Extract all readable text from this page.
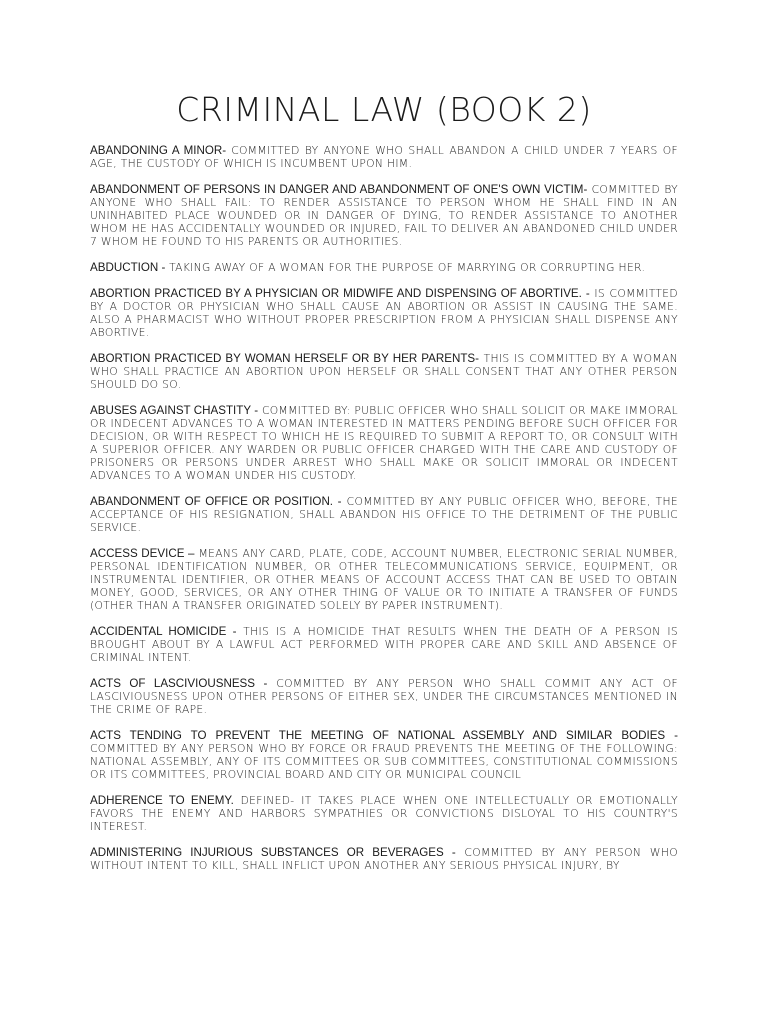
CRIMINAL LAW (BOOK 2)

ABANDONING A MINOR- COMMITTED BY ANYONE WHO SHALL ABANDON A CHILD UNDER 7 YEARS OF AGE, THE CUSTODY OF WHICH IS INCUMBENT UPON HIM.

ABANDONMENT OF PERSONS IN DANGER AND ABANDONMENT OF ONE'S OWN VICTIM- COMMITTED BY ANYONE WHO SHALL FAIL: TO RENDER ASSISTANCE TO PERSON WHOM HE SHALL FIND IN AN UNINHABITED PLACE WOUNDED OR IN DANGER OF DYING, TO RENDER ASSISTANCE TO ANOTHER WHOM HE HAS ACCIDENTALLY WOUNDED OR INJURED, FAIL TO DELIVER AN ABANDONED CHILD UNDER 7 WHOM HE FOUND TO HIS PARENTS OR AUTHORITIES.

ABDUCTION - TAKING AWAY OF A WOMAN FOR THE PURPOSE OF MARRYING OR CORRUPTING HER.

ABORTION PRACTICED BY A PHYSICIAN OR MIDWIFE AND DISPENSING OF ABORTIVE. - IS COMMITTED BY A DOCTOR OR PHYSICIAN WHO SHALL CAUSE AN ABORTION OR ASSIST IN CAUSING THE SAME. ALSO A PHARMACIST WHO WITHOUT PROPER PRESCRIPTION FROM A PHYSICIAN SHALL DISPENSE ANY ABORTIVE.

ABORTION PRACTICED BY WOMAN HERSELF OR BY HER PARENTS- THIS IS COMMITTED BY A WOMAN WHO SHALL PRACTICE AN ABORTION UPON HERSELF OR SHALL CONSENT THAT ANY OTHER PERSON SHOULD DO SO.

ABUSES AGAINST CHASTITY - COMMITTED BY: PUBLIC OFFICER WHO SHALL SOLICIT OR MAKE IMMORAL OR INDECENT ADVANCES TO A WOMAN INTERESTED IN MATTERS PENDING BEFORE SUCH OFFICER FOR DECISION, OR WITH RESPECT TO WHICH HE IS REQUIRED TO SUBMIT A REPORT TO, OR CONSULT WITH A SUPERIOR OFFICER. ANY WARDEN OR PUBLIC OFFICER CHARGED WITH THE CARE AND CUSTODY OF PRISONERS OR PERSONS UNDER ARREST WHO SHALL MAKE OR SOLICIT IMMORAL OR INDECENT ADVANCES TO A WOMAN UNDER HIS CUSTODY.

ABANDONMENT OF OFFICE OR POSITION. - COMMITTED BY ANY PUBLIC OFFICER WHO, BEFORE, THE ACCEPTANCE OF HIS RESIGNATION, SHALL ABANDON HIS OFFICE TO THE DETRIMENT OF THE PUBLIC SERVICE.

ACCESS DEVICE – MEANS ANY CARD, PLATE, CODE, ACCOUNT NUMBER, ELECTRONIC SERIAL NUMBER, PERSONAL IDENTIFICATION NUMBER, OR OTHER TELECOMMUNICATIONS SERVICE, EQUIPMENT, OR INSTRUMENTAL IDENTIFIER, OR OTHER MEANS OF ACCOUNT ACCESS THAT CAN BE USED TO OBTAIN MONEY, GOOD, SERVICES, OR ANY OTHER THING OF VALUE OR TO INITIATE A TRANSFER OF FUNDS (OTHER THAN A TRANSFER ORIGINATED SOLELY BY PAPER INSTRUMENT).

ACCIDENTAL HOMICIDE - THIS IS A HOMICIDE THAT RESULTS WHEN THE DEATH OF A PERSON IS BROUGHT ABOUT BY A LAWFUL ACT PERFORMED WITH PROPER CARE AND SKILL AND ABSENCE OF CRIMINAL INTENT.

ACTS OF LASCIVIOUSNESS - COMMITTED BY ANY PERSON WHO SHALL COMMIT ANY ACT OF LASCIVIOUSNESS UPON OTHER PERSONS OF EITHER SEX, UNDER THE CIRCUMSTANCES MENTIONED IN THE CRIME OF RAPE.

ACTS TENDING TO PREVENT THE MEETING OF NATIONAL ASSEMBLY AND SIMILAR BODIES - COMMITTED BY ANY PERSON WHO BY FORCE OR FRAUD PREVENTS THE MEETING OF THE FOLLOWING: NATIONAL ASSEMBLY, ANY OF ITS COMMITTEES OR SUB COMMITTEES, CONSTITUTIONAL COMMISSIONS OR ITS COMMITTEES, PROVINCIAL BOARD AND CITY OR MUNICIPAL COUNCIL

ADHERENCE TO ENEMY. DEFINED- IT TAKES PLACE WHEN ONE INTELLECTUALLY OR EMOTIONALLY FAVORS THE ENEMY AND HARBORS SYMPATHIES OR CONVICTIONS DISLOYAL TO HIS COUNTRY'S INTEREST.

ADMINISTERING INJURIOUS SUBSTANCES OR BEVERAGES - COMMITTED BY ANY PERSON WHO WITHOUT INTENT TO KILL, SHALL INFLICT UPON ANOTHER ANY SERIOUS PHYSICAL INJURY, BY
